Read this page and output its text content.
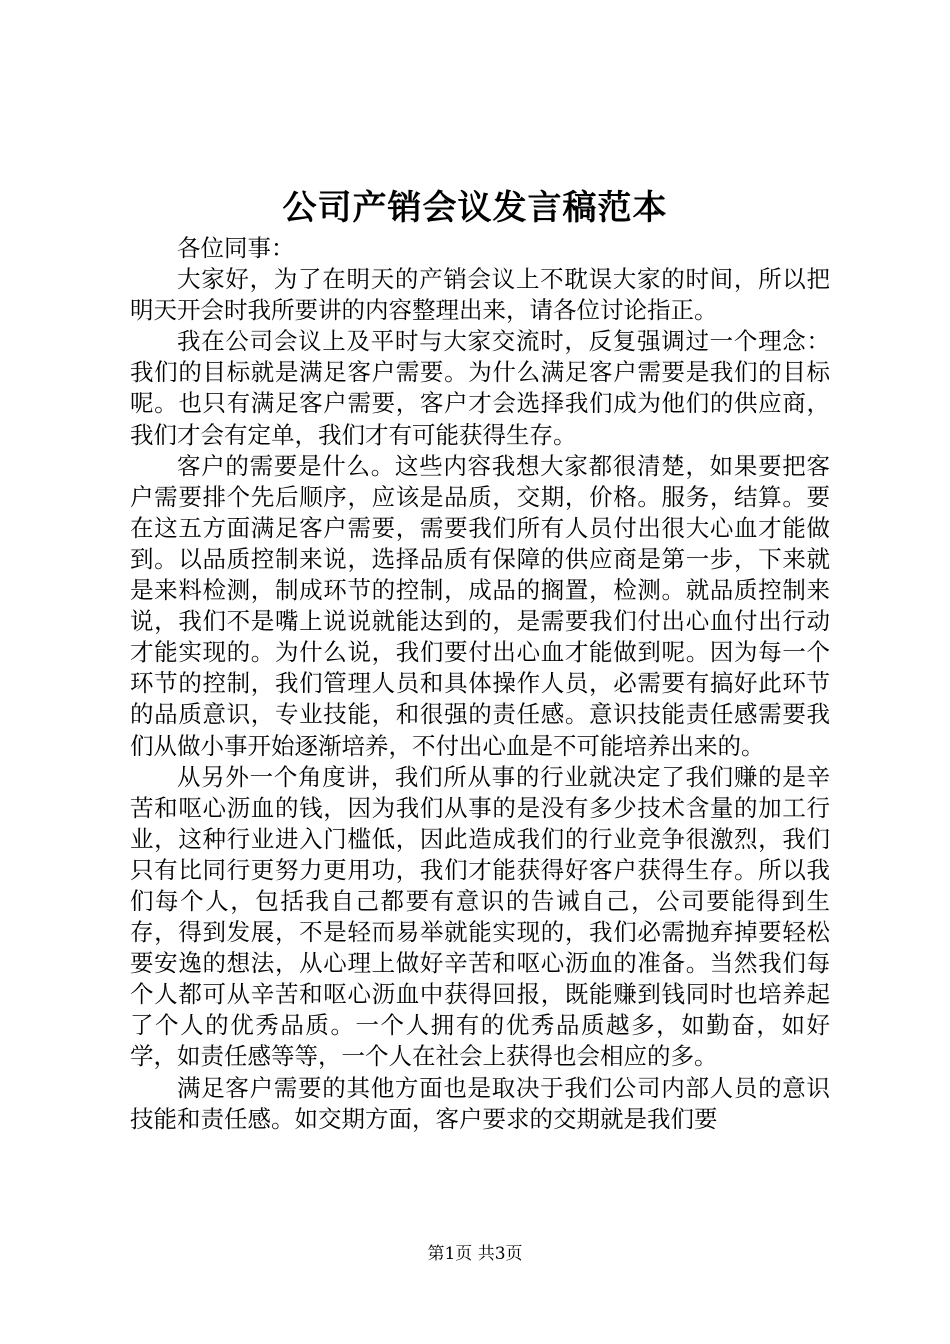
公司产销会议发言稿范本

各位同事：

大家好，为了在明天的产销会议上不耽误大家的时间，所以把明天开会时我所要讲的内容整理出来，请各位讨论指正。

我在公司会议上及平时与大家交流时，反复强调过一个理念：我们的目标就是满足客户需要。为什么满足客户需要是我们的目标呢。也只有满足客户需要，客户才会选择我们成为他们的供应商，我们才会有定单，我们才有可能获得生存。

客户的需要是什么。这些内容我想大家都很清楚，如果要把客户需要排个先后顺序，应该是品质，交期，价格。服务，结算。要在这五方面满足客户需要，需要我们所有人员付出很大心血才能做到。以品质控制来说，选择品质有保障的供应商是第一步，下来就是来料检测，制成环节的控制，成品的搁置，检测。就品质控制来说，我们不是嘴上说说就能达到的，是需要我们付出心血付出行动才能实现的。为什么说，我们要付出心血才能做到呢。因为每一个环节的控制，我们管理人员和具体操作人员，必需要有搞好此环节的品质意识，专业技能，和很强的责任感。意识技能责任感需要我们从做小事开始逐渐培养，不付出心血是不可能培养出来的。

从另外一个角度讲，我们所从事的行业就决定了我们赚的是辛苦和呕心沥血的钱，因为我们从事的是没有多少技术含量的加工行业，这种行业进入门槛低，因此造成我们的行业竞争很激烈，我们只有比同行更努力更用功，我们才能获得好客户获得生存。所以我们每个人，包括我自己都要有意识的告诫自己，公司要能得到生存，得到发展，不是轻而易举就能实现的，我们必需抛弃掉要轻松要安逸的想法，从心理上做好辛苦和呕心沥血的准备。当然我们每个人都可从辛苦和呕心沥血中获得回报，既能赚到钱同时也培养起了个人的优秀品质。一个人拥有的优秀品质越多，如勤奋，如好学，如责任感等等，一个人在社会上获得也会相应的多。

满足客户需要的其他方面也是取决于我们公司内部人员的意识技能和责任感。如交期方面，客户要求的交期就是我们要

第1页 共3页
